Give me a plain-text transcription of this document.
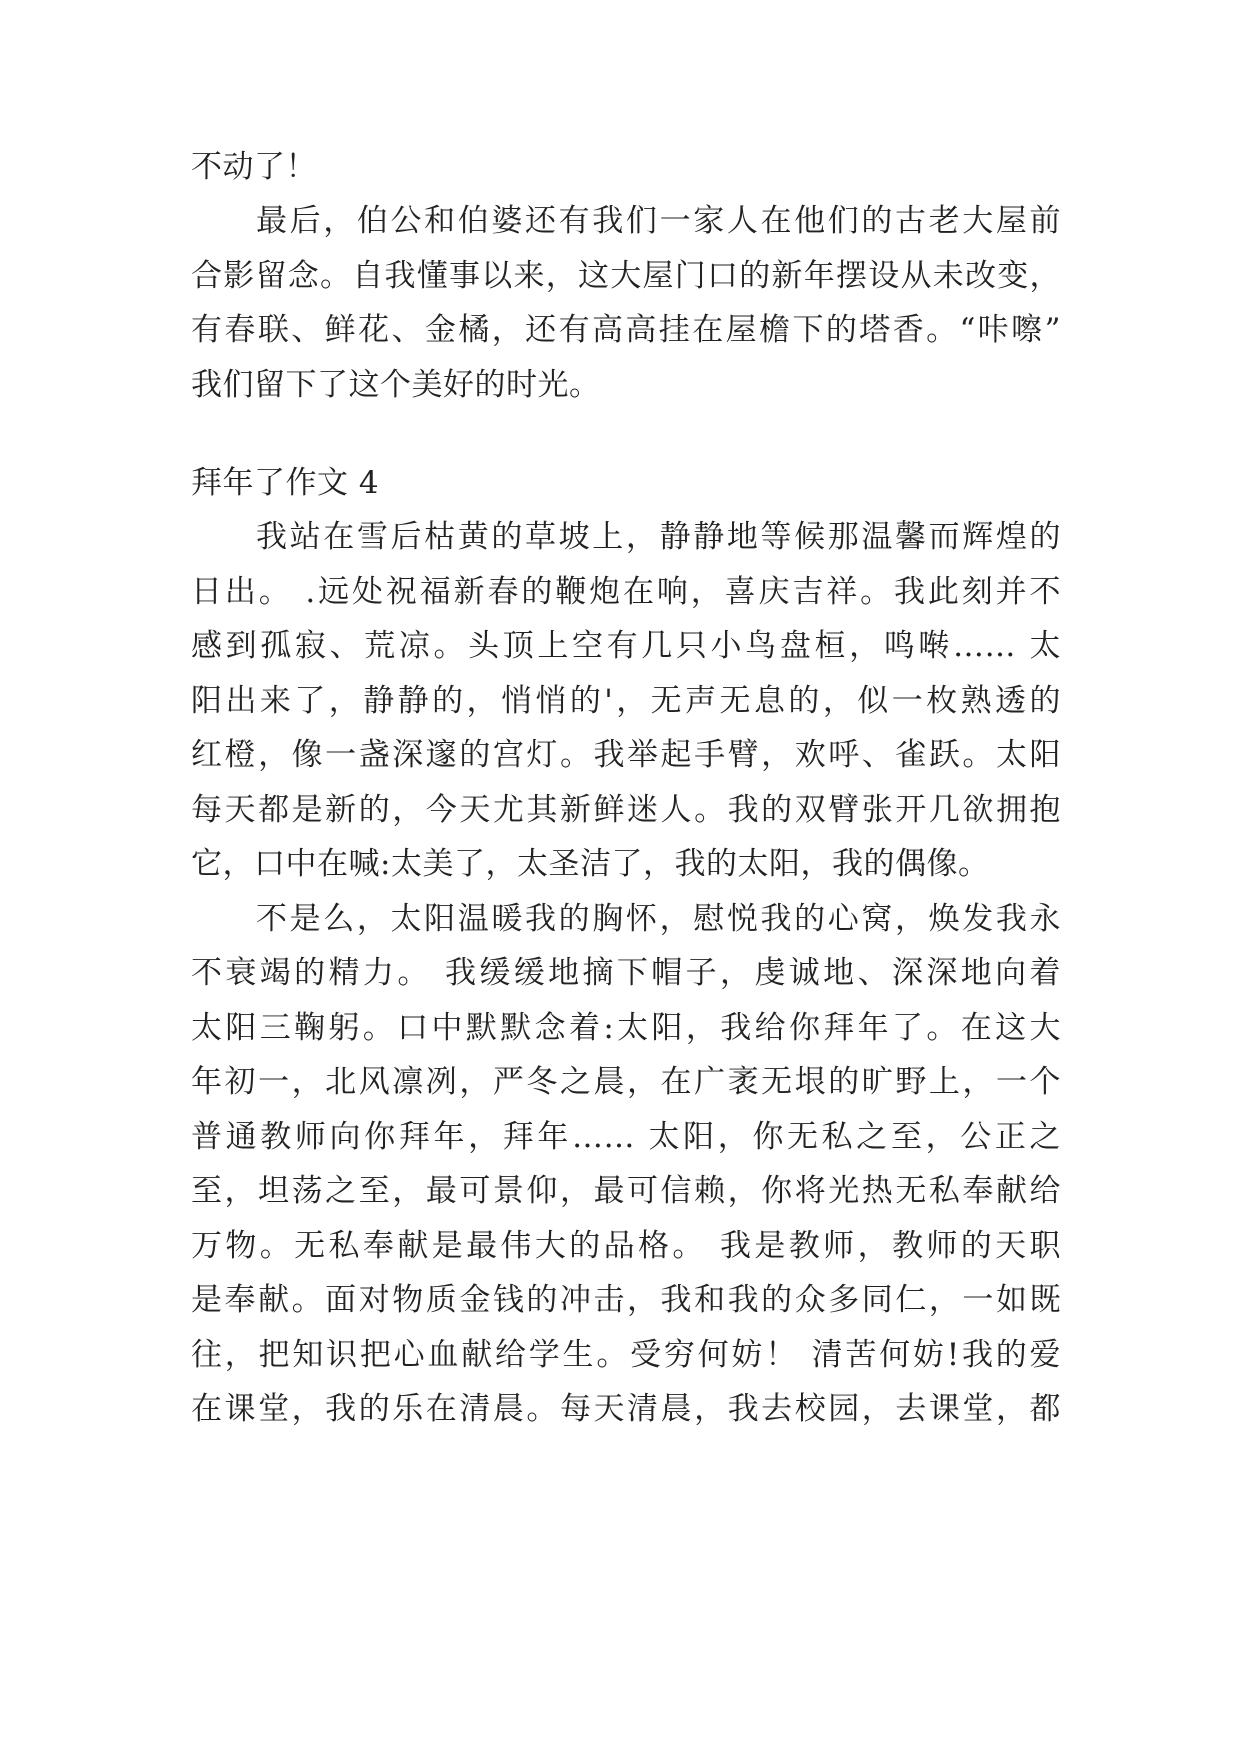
不动了！
最后，伯公和伯婆还有我们一家人在他们的古老大屋前
合影留念。自我懂事以来，这大屋门口的新年摆设从未改变，
有春联、鲜花、金橘，还有高高挂在屋檐下的塔香。“咔嚓”
我们留下了这个美好的时光。
拜年了作文 4
我站在雪后枯黄的草坡上，静静地等候那温馨而辉煌的
日出。 .远处祝福新春的鞭炮在响，喜庆吉祥。我此刻并不
感到孤寂、荒凉。头顶上空有几只小鸟盘桓，鸣啭…… 太
阳出来了，静静的，悄悄的'，无声无息的，似一枚熟透的
红橙，像一盏深邃的宫灯。我举起手臂，欢呼、雀跃。太阳
每天都是新的，今天尤其新鲜迷人。我的双臂张开几欲拥抱
它，口中在喊:太美了，太圣洁了，我的太阳，我的偶像。
不是么，太阳温暖我的胸怀，慰悦我的心窝，焕发我永
不衰竭的精力。 我缓缓地摘下帽子，虔诚地、深深地向着
太阳三鞠躬。口中默默念着:太阳，我给你拜年了。在这大
年初一，北风凛冽，严冬之晨，在广袤无垠的旷野上，一个
普通教师向你拜年，拜年…… 太阳，你无私之至，公正之
至，坦荡之至，最可景仰，最可信赖，你将光热无私奉献给
万物。无私奉献是最伟大的品格。 我是教师，教师的天职
是奉献。面对物质金钱的冲击，我和我的众多同仁，一如既
往，把知识把心血献给学生。受穷何妨！ 清苦何妨!我的爱
在课堂，我的乐在清晨。每天清晨，我去校园，去课堂，都
